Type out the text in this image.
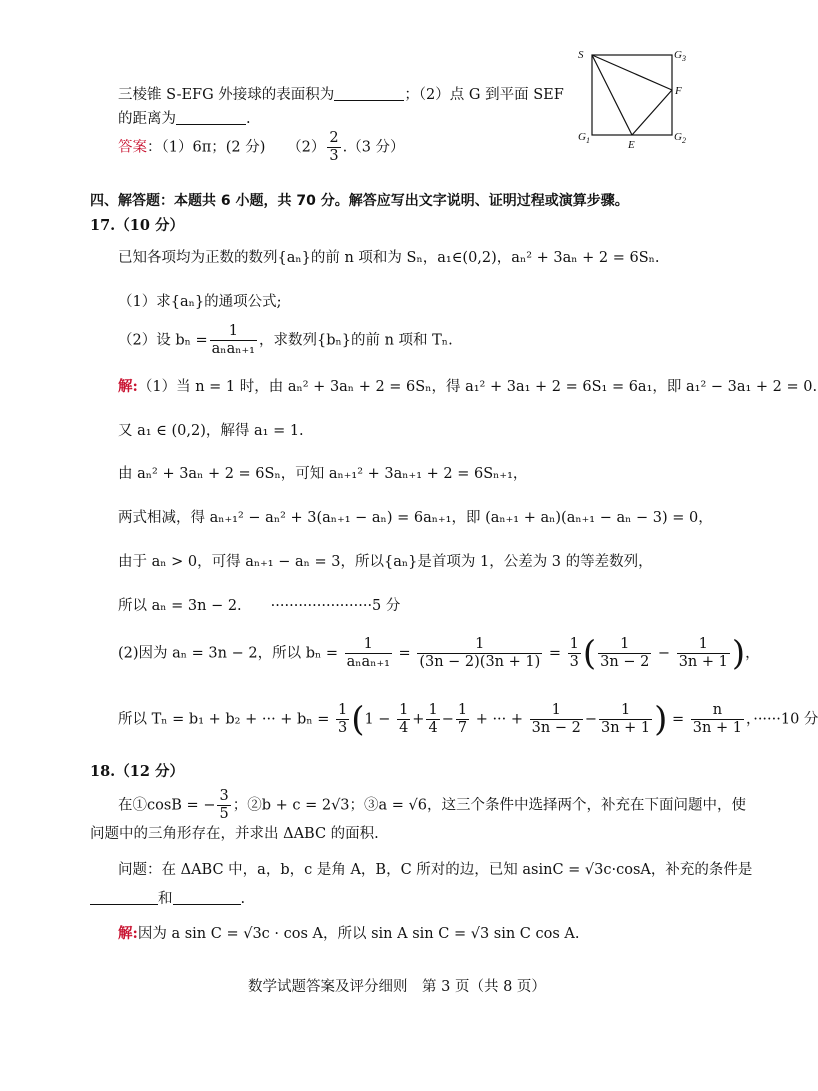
三棱锥 S-EFG 外接球的表面积为	；（2）点 G 到平面 SEF
的距离为	.
答案：（1）6π；(2 分)　　$(2) \frac{2}{3} .(3$ 分）
S	$G_3$
F
$G_1$	E
$G_2$
四、解答题：本题共 6 小题，共 70 分。解答应写出文字说明、证明过程或演算步骤。
17.（10 分）
已知各项均为正数的数列{aₙ}的前 n 项和为 Sₙ，a₁∈(0,2)，aₙ² + 3aₙ + 2 = 6Sₙ.
（1）求{aₙ}的通项公式;
（2）设 $b_n = \frac{1}{\text{aₙaₙ₊₁}}$ ，求数列{bₙ}的前 n 项和 Tₙ.
解:（1）当 n = 1 时，由 aₙ² + 3aₙ + 2 = 6Sₙ，得 a₁² + 3a₁ + 2 = 6S₁ = 6a₁，即 a₁² − 3a₁ + 2 = 0.
又 a₁ ∈ (0,2)，解得 a₁ = 1.
由 aₙ² + 3aₙ + 2 = 6Sₙ，可知 aₙ₊₁² + 3aₙ₊₁ + 2 = 6Sₙ₊₁，
两式相减，得 aₙ₊₁² − aₙ² + 3(aₙ₊₁ − aₙ) = 6aₙ₊₁，即 (aₙ₊₁ + aₙ)(aₙ₊₁ − aₙ − 3) = 0，
由于 aₙ > 0，可得 aₙ₊₁ − aₙ = 3，所以{aₙ}是首项为 1，公差为 3 的等差数列，
所以 aₙ = 3n − 2.　　······················5 分
(2)因为 aₙ = 3n − 2，所以 $b_n = \frac{1}{\text{aₙaₙ₊₁}} = \frac{1}{(3n - 2)(3n + 1)} = \frac{1}{3}$ ( $\frac{1}{3n - 2} - \frac{1}{3n + 1}$ )，
所以 Tₙ = b₁ + b₂ + ··· + $b_n = \frac{1}{3} (1 - \frac{1}{4} + \frac{1}{4} - \frac{1}{7}$ + ··· + $\frac{1}{3n - 2} - \frac{1}{3n + 1}$ ) = $\frac{n}{3n + 1}$ ，······10 分
18.（12 分）
在①cosB = − $\frac{3}{5}$ ；②b + c = 2√3；③a = √6，这三个条件中选择两个，补充在下面问题中，使
问题中的三角形存在，并求出 ΔABC 的面积.
问题：在 ΔABC 中，a，b，c 是角 A，B，C 所对的边，已知 asinC = √3c·cosA，补充的条件是
和	.
解:因为 a sin C = √3c · cos A，所以 sin A sin C = √3 sin C cos A.
数学试题答案及评分细则　第 3 页（共 8 页）
